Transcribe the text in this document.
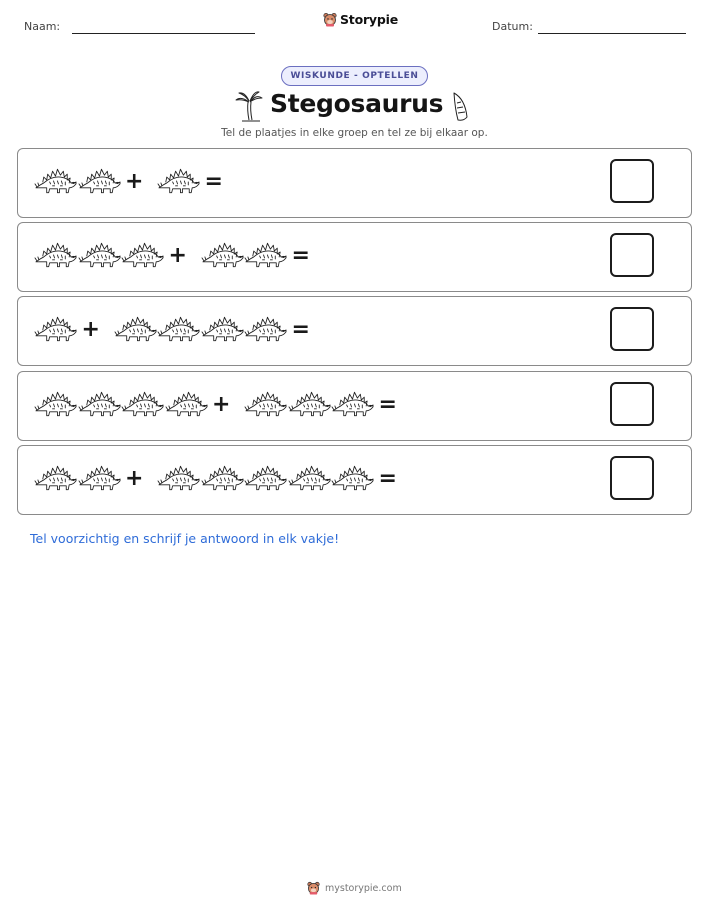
Naam:	Storypie	Datum:
WISKUNDE - OPTELLEN
Stegosaurus
Tel de plaatjes in elke groep en tel ze bij elkaar op.
+	=
+	=
+	=
+	=
+	=
Tel voorzichtig en schrijf je antwoord in elk vakje!
mystorypie.com
